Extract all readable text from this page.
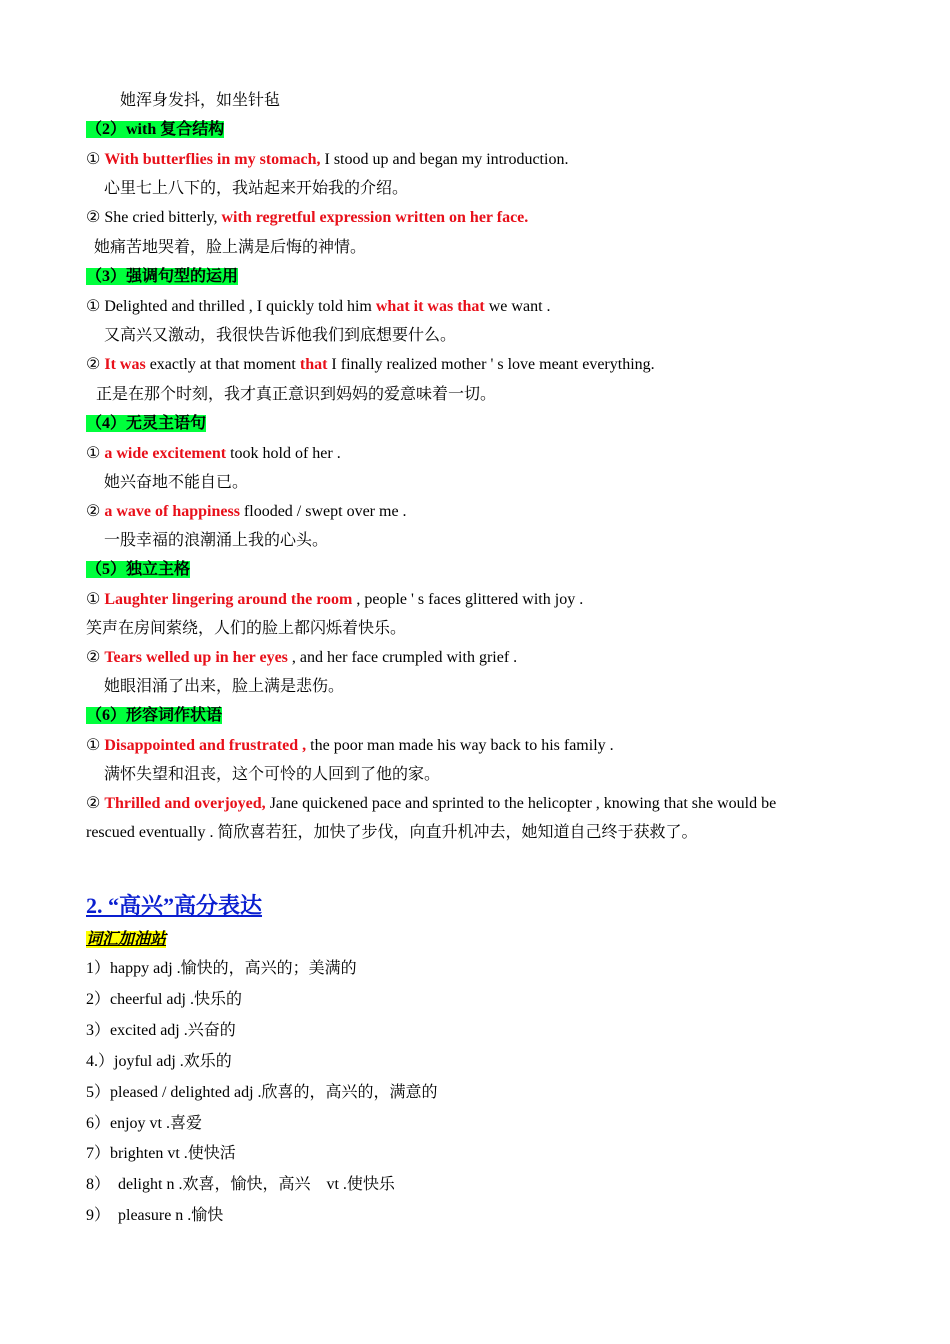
她浑身发抖，如坐针毡
（2）with 复合结构
① With butterflies in my stomach, I stood up and began my introduction.
心里七上八下的，我站起来开始我的介绍。
② She cried bitterly, with regretful expression written on her face.
她痛苦地哭着，脸上满是后悔的神情。
（3）强调句型的运用
① Delighted and thrilled , I quickly told him what it was that we want .
又高兴又激动，我很快告诉他我们到底想要什么。
② It was exactly at that moment that I finally realized mother ' s love meant everything.
正是在那个时刻，我才真正意识到妈妈的爱意味着一切。
（4）无灵主语句
① a wide excitement took hold of her .
她兴奋地不能自已。
② a wave of happiness flooded / swept over me .
一股幸福的浪潮涌上我的心头。
（5）独立主格
① Laughter lingering around the room , people ' s faces glittered with joy .
笑声在房间萦绕，人们的脸上都闪烁着快乐。
② Tears welled up in her eyes , and her face crumpled with grief .
她眼泪涌了出来，脸上满是悲伤。
（6）形容词作状语
① Disappointed and frustrated , the poor man made his way back to his family .
满怀失望和沮丧，这个可怜的人回到了他的家。
② Thrilled and overjoyed, Jane quickened pace and sprinted to the helicopter , knowing that she would be
rescued eventually . 简欣喜若狂，加快了步伐，向直升机冲去，她知道自己终于获救了。
2. “高兴”高分表达
词汇加油站
1）happy adj .愉快的，高兴的；美满的
2）cheerful adj .快乐的
3）excited adj .兴奋的
4.）joyful adj .欢乐的
5）pleased / delighted adj .欣喜的，高兴的，满意的
6）enjoy vt .喜爱
7）brighten vt .使快活
8）  delight n .欢喜，愉快，高兴    vt .使快乐
9）  pleasure n .愉快
